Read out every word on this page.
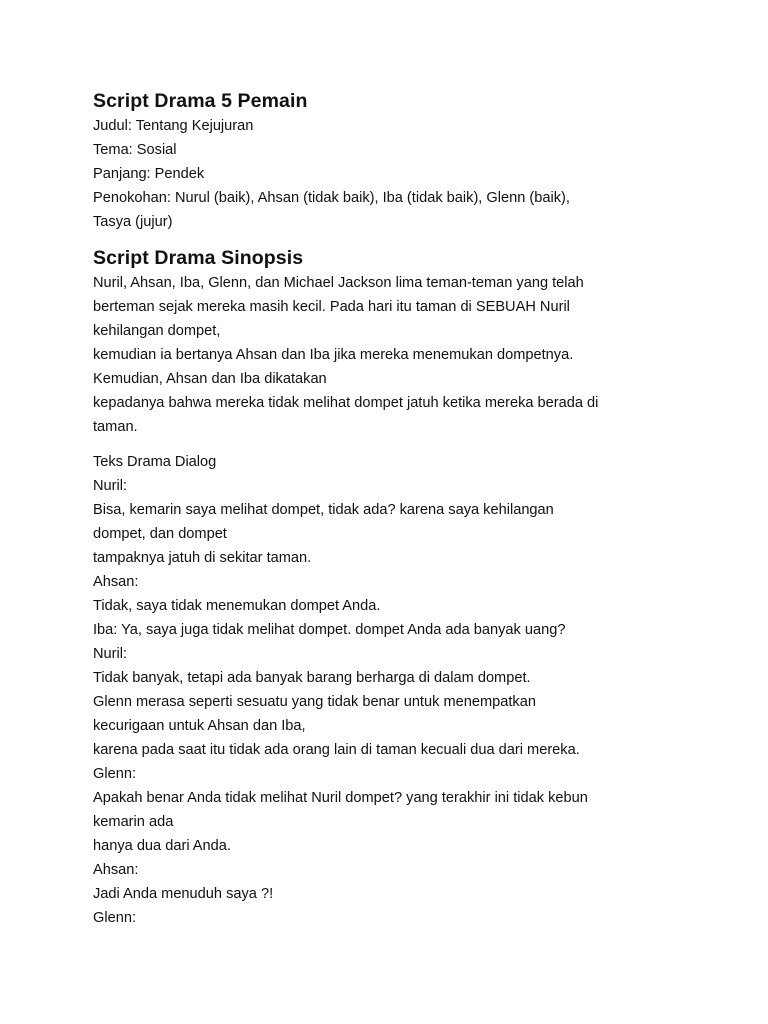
Script Drama 5 Pemain

Judul: Tentang Kejujuran

Tema: Sosial

Panjang: Pendek

Penokohan: Nurul (baik), Ahsan (tidak baik), Iba (tidak baik), Glenn (baik),

Tasya (jujur)

Script Drama Sinopsis

Nuril, Ahsan, Iba, Glenn, dan Michael Jackson lima teman-teman yang telah

berteman sejak mereka masih kecil. Pada hari itu taman di SEBUAH Nuril

kehilangan dompet,

kemudian ia bertanya Ahsan dan Iba jika mereka menemukan dompetnya.

Kemudian, Ahsan dan Iba dikatakan

kepadanya bahwa mereka tidak melihat dompet jatuh ketika mereka berada di

taman.

Teks Drama Dialog

Nuril:

Bisa, kemarin saya melihat dompet, tidak ada? karena saya kehilangan

dompet, dan dompet

tampaknya jatuh di sekitar taman.

Ahsan:

Tidak, saya tidak menemukan dompet Anda.

Iba: Ya, saya juga tidak melihat dompet. dompet Anda ada banyak uang?

Nuril:

Tidak banyak, tetapi ada banyak barang berharga di dalam dompet.

Glenn merasa seperti sesuatu yang tidak benar untuk menempatkan

kecurigaan untuk Ahsan dan Iba,

karena pada saat itu tidak ada orang lain di taman kecuali dua dari mereka.

Glenn:

Apakah benar Anda tidak melihat Nuril dompet? yang terakhir ini tidak kebun

kemarin ada

hanya dua dari Anda.

Ahsan:

Jadi Anda menuduh saya ?!

Glenn:
